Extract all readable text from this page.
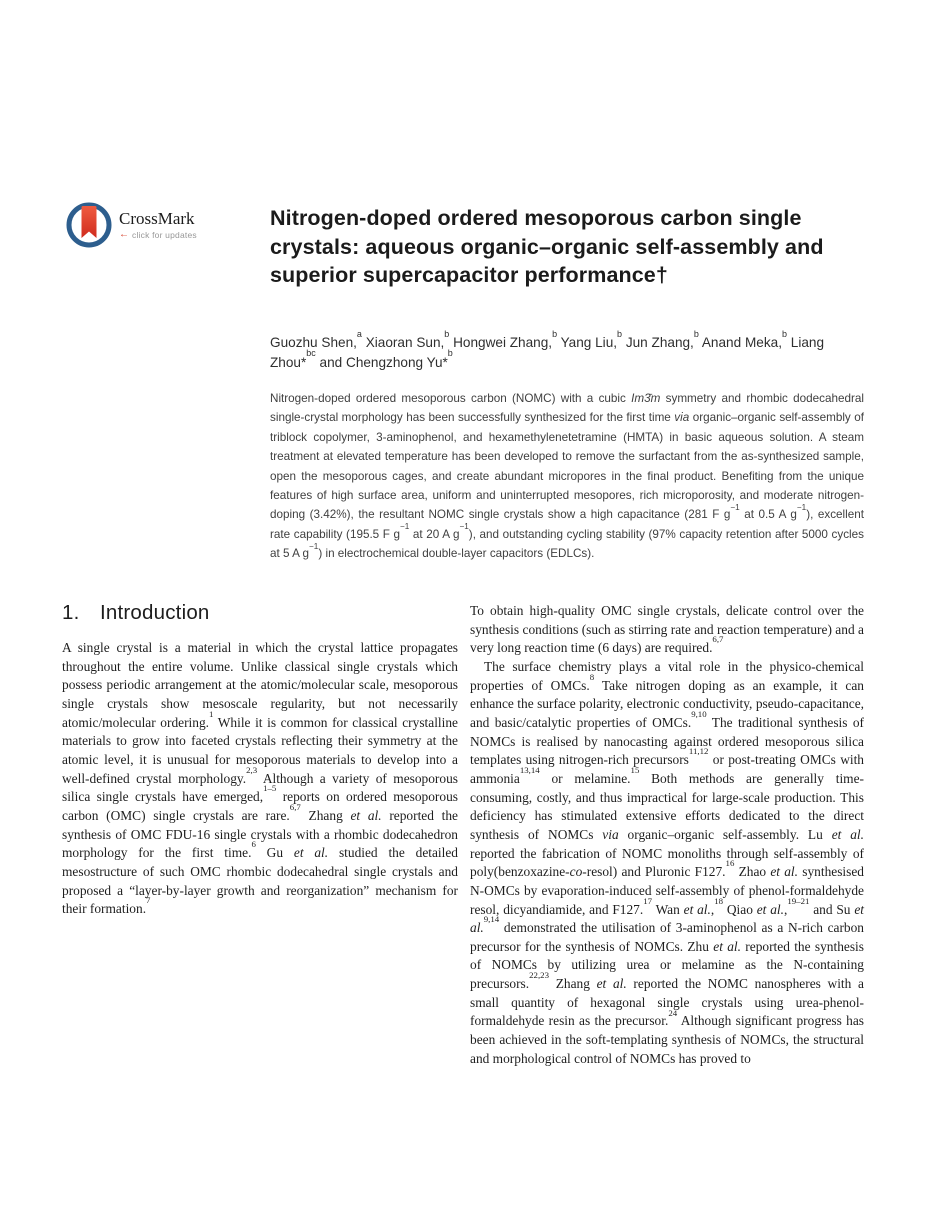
CrossMark
← click for updates
Nitrogen-doped ordered mesoporous carbon single crystals: aqueous organic–organic self-assembly and superior supercapacitor performance†
Guozhu Shen,$^a$ Xiaoran Sun,$^b$ Hongwei Zhang,$^b$ Yang Liu,$^b$ Jun Zhang,$^b$ Anand Meka,$^b$ Liang Zhou*$^{bc}$ and Chengzhong Yu*$^b$
Nitrogen-doped ordered mesoporous carbon (NOMC) with a cubic Im3̄m symmetry and rhombic dodecahedral single-crystal morphology has been successfully synthesized for the first time via organic–organic self-assembly of triblock copolymer, 3-aminophenol, and hexamethylenetetramine (HMTA) in basic aqueous solution. A steam treatment at elevated temperature has been developed to remove the surfactant from the as-synthesized sample, open the mesoporous cages, and create abundant micropores in the final product. Benefiting from the unique features of high surface area, uniform and uninterrupted mesopores, rich microporosity, and moderate nitrogen-doping (3.42%), the resultant NOMC single crystals show a high capacitance (281 F $g^{-1}$ at 0.5 A $g^{-1}$), excellent rate capability (195.5 F $g^{-1}$ at 20 A $g^{-1}$), and outstanding cycling stability (97% capacity retention after 5000 cycles at 5 A $g^{-1}$) in electrochemical double-layer capacitors (EDLCs).
1. Introduction

A single crystal is a material in which the crystal lattice propagates throughout the entire volume. Unlike classical single crystals which possess periodic arrangement at the atomic/molecular scale, mesoporous single crystals show mesoscale regularity, but not necessarily atomic/molecular ordering.$^1$ While it is common for classical crystalline materials to grow into faceted crystals reflecting their symmetry at the atomic level, it is unusual for mesoporous materials to develop into a well-defined crystal morphology.$^{2,3}$ Although a variety of mesoporous silica single crystals have emerged,$^{1-5}$ reports on ordered mesoporous carbon (OMC) single crystals are rare.$^{6,7}$ Zhang et al. reported the synthesis of OMC FDU-16 single crystals with a rhombic dodecahedron morphology for the first time.$^6$ Gu et al. studied the detailed mesostructure of such OMC rhombic dodecahedral single crystals and proposed a “layer-by-layer growth and reorganization” mechanism for their formation.$^7$

To obtain high-quality OMC single crystals, delicate control over the synthesis conditions (such as stirring rate and reaction temperature) and a very long reaction time (6 days) are required.$^{6,7}$

The surface chemistry plays a vital role in the physico-chemical properties of OMCs.$^8$ Take nitrogen doping as an example, it can enhance the surface polarity, electronic conductivity, pseudo-capacitance, and basic/catalytic properties of OMCs.$^{9,10}$ The traditional synthesis of NOMCs is realised by nanocasting against ordered mesoporous silica templates using nitrogen-rich precursors$^{11,12}$ or post-treating OMCs with ammonia$^{13,14}$ or melamine.$^{15}$ Both methods are generally time-consuming, costly, and thus impractical for large-scale production. This deficiency has stimulated extensive efforts dedicated to the direct synthesis of NOMCs via organic–organic self-assembly. Lu et al. reported the fabrication of NOMC monoliths through self-assembly of poly(benzoxazine-co-resol) and Pluronic F127.16 Zhao et al. synthesised N-OMCs by evaporation-induced self-assembly of phenol-formaldehyde resol, dicyandiamide, and F127.17 Wan et al.,$^{18}$ Qiao et al.,$^{19-21}$ and Su et al.$^{9,14}$ demonstrated the utilisation of 3-aminophenol as a N-rich carbon precursor for the synthesis of NOMCs. Zhu et al. reported the synthesis of NOMCs by utilizing urea or melamine as the N-containing precursors.$^{22,23}$ Zhang et al. reported the NOMC nanospheres with a small quantity of hexagonal single crystals using urea-phenol-formaldehyde resin as the precursor.$^{24}$ Although significant progress has been achieved in the soft-templating synthesis of NOMCs, the structural and morphological control of NOMCs has proved to
